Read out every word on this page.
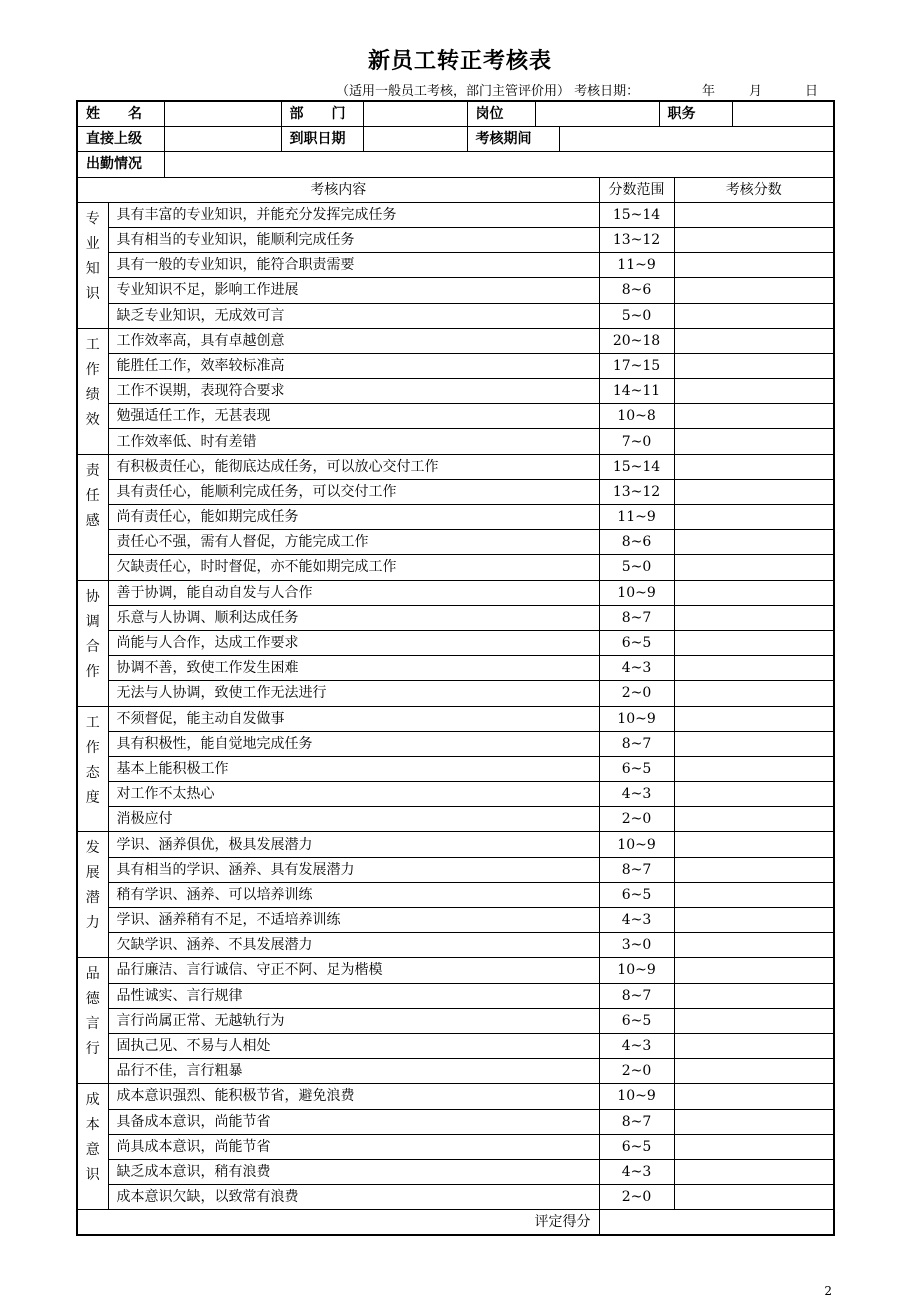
新员工转正考核表
（适用一般员工考核，部门主管评价用） 考核日期：	年	月	日
姓　　名			部　　门		岗位				职务		
直接上级			到职日期		考核期间						
出勤情况											
考核内容								分数范围		考核分数	

专
业
知
识	具有丰富的专业知识，并能充分发挥完成任务							15~14			
	具有相当的专业知识，能顺利完成任务							13~12			
	具有一般的专业知识，能符合职责需要							11~9			
	专业知识不足，影响工作进展							8~6			
	缺乏专业知识，无成效可言							5~0			

工
作
绩
效	工作效率高，具有卓越创意							20~18			
	能胜任工作，效率较标准高							17~15			
	工作不误期，表现符合要求							14~11			
	勉强适任工作，无甚表现							10~8			
	工作效率低、时有差错							7~0			

责
任
感	有积极责任心，能彻底达成任务，可以放心交付工作							15~14			
	具有责任心，能顺利完成任务，可以交付工作							13~12			
	尚有责任心，能如期完成任务							11~9			
	责任心不强，需有人督促，方能完成工作							8~6			
	欠缺责任心，时时督促，亦不能如期完成工作							5~0			

协
调
合
作	善于协调，能自动自发与人合作							10~9			
	乐意与人协调、顺利达成任务							8~7			
	尚能与人合作，达成工作要求							6~5			
	协调不善，致使工作发生困难							4~3			
	无法与人协调，致使工作无法进行							2~0			

工
作
态
度	不须督促，能主动自发做事							10~9			
	具有积极性，能自觉地完成任务							8~7			
	基本上能积极工作							6~5			
	对工作不太热心							4~3			
	消极应付							2~0			

发
展
潜
力	学识、涵养俱优，极具发展潜力							10~9			
	具有相当的学识、涵养、具有发展潜力							8~7			
	稍有学识、涵养、可以培养训练							6~5			
	学识、涵养稍有不足，不适培养训练							4~3			
	欠缺学识、涵养、不具发展潜力							3~0			

品
德
言
行	品行廉洁、言行诚信、守正不阿、足为楷模							10~9			
	品性诚实、言行规律							8~7			
	言行尚属正常、无越轨行为							6~5			
	固执己见、不易与人相处							4~3			
	品行不佳，言行粗暴							2~0			

成
本
意
识	成本意识强烈、能积极节省，避免浪费							10~9			
	具备成本意识，尚能节省							8~7			
	尚具成本意识，尚能节省							6~5			
	缺乏成本意识，稍有浪费							4~3			
	成本意识欠缺，以致常有浪费							2~0			
评定得分											
2
